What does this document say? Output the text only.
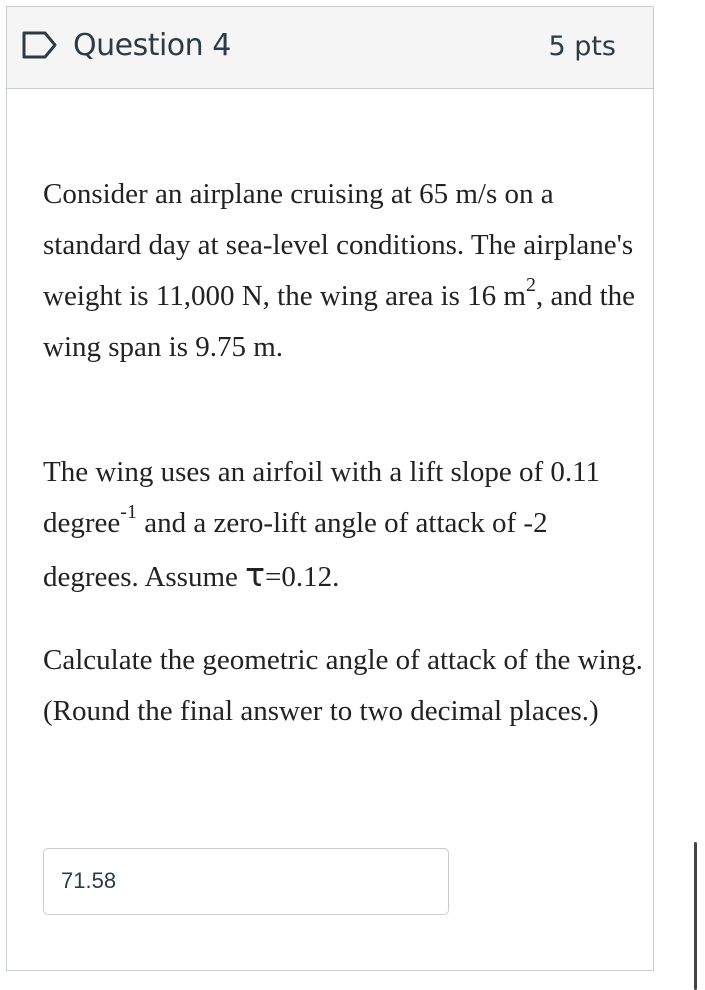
Question 4	5 pts

Consider an airplane cruising at 65 m/s on a standard day at sea-level conditions. The airplane's weight is 11,000 N, the wing area is 16 $m^2$, and the wing span is 9.75 m.

The wing uses an airfoil with a lift slope of 0.11 degree$^{-1}$ and a zero-lift angle of attack of -2 degrees. Assume τ=0.12.

Calculate the geometric angle of attack of the wing. (Round the final answer to two decimal places.)

71.58
